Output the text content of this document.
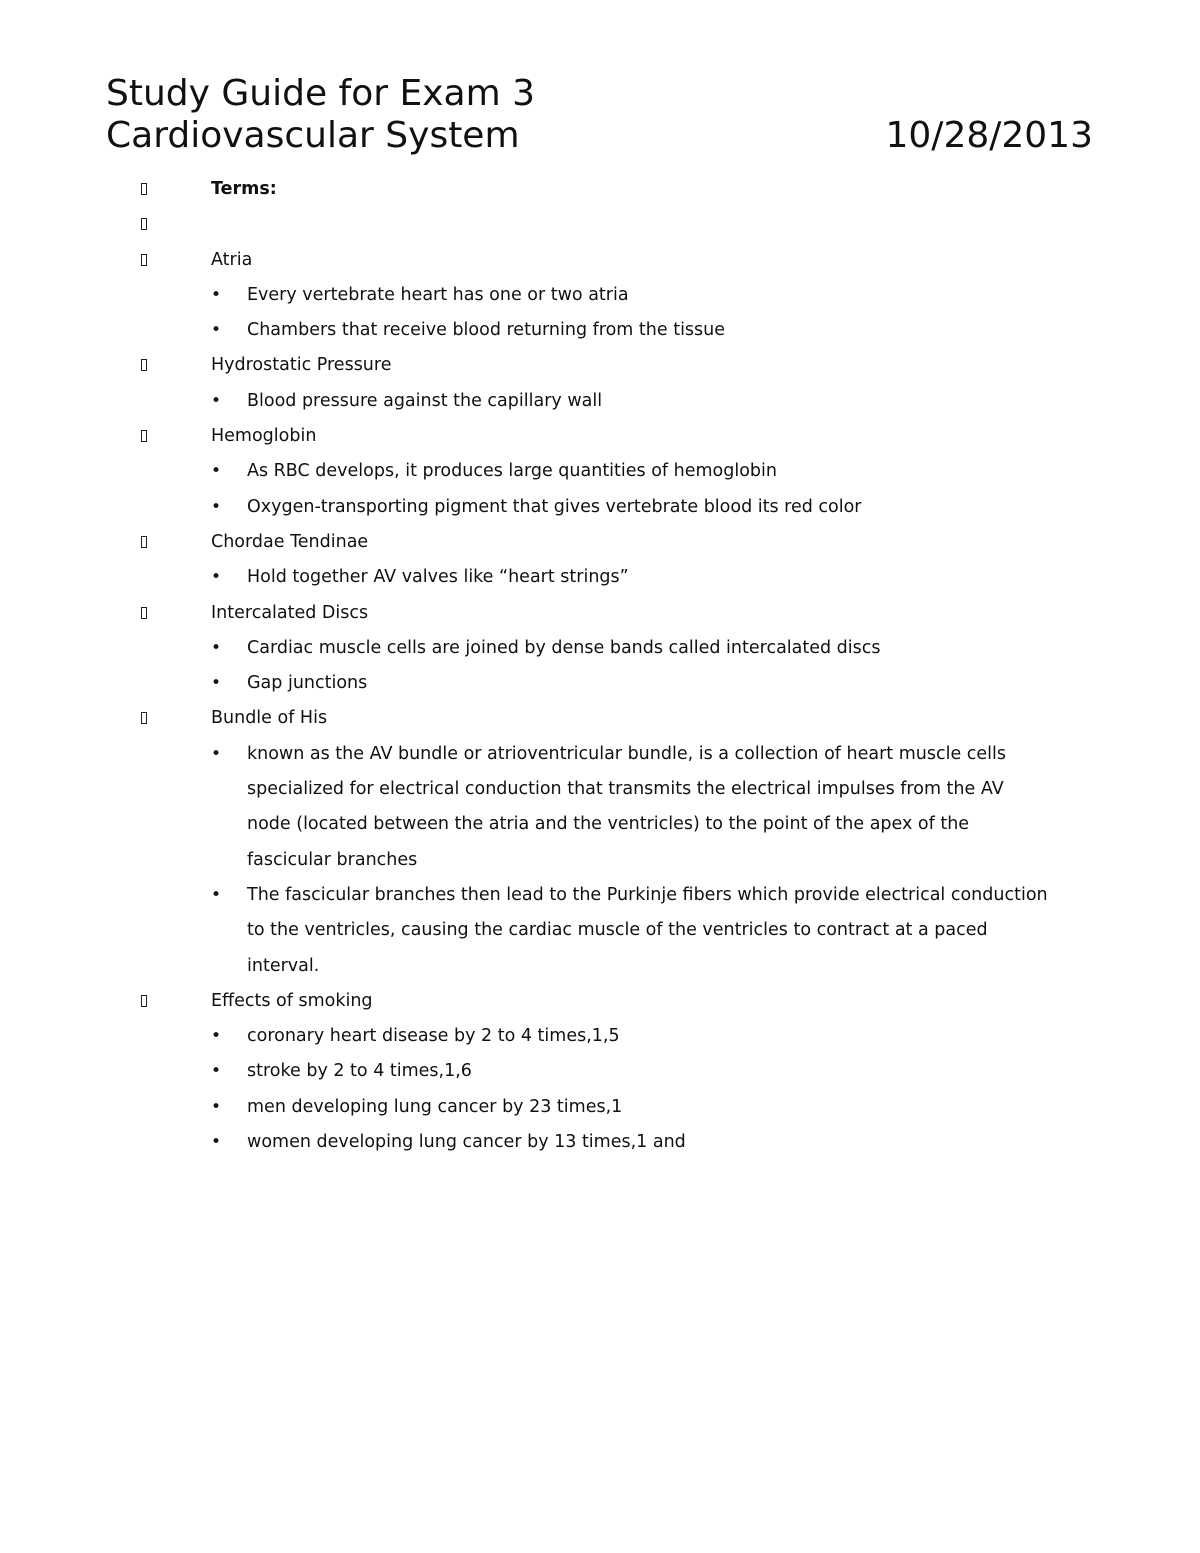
Study Guide for Exam 3
Cardiovascular System	10/28/2013
Terms:
Atria
• Every vertebrate heart has one or two atria
• Chambers that receive blood returning from the tissue
Hydrostatic Pressure
• Blood pressure against the capillary wall
Hemoglobin
• As RBC develops, it produces large quantities of hemoglobin
• Oxygen-transporting pigment that gives vertebrate blood its red color
Chordae Tendinae
• Hold together AV valves like “heart strings”
Intercalated Discs
• Cardiac muscle cells are joined by dense bands called intercalated discs
• Gap junctions
Bundle of His
• known as the AV bundle or atrioventricular bundle, is a collection of heart muscle cells
specialized for electrical conduction that transmits the electrical impulses from the AV
node (located between the atria and the ventricles) to the point of the apex of the
fascicular branches
• The fascicular branches then lead to the Purkinje fibers which provide electrical conduction
to the ventricles, causing the cardiac muscle of the ventricles to contract at a paced
interval.
Effects of smoking
• coronary heart disease by 2 to 4 times,1,5
• stroke by 2 to 4 times,1,6
• men developing lung cancer by 23 times,1
• women developing lung cancer by 13 times,1 and
